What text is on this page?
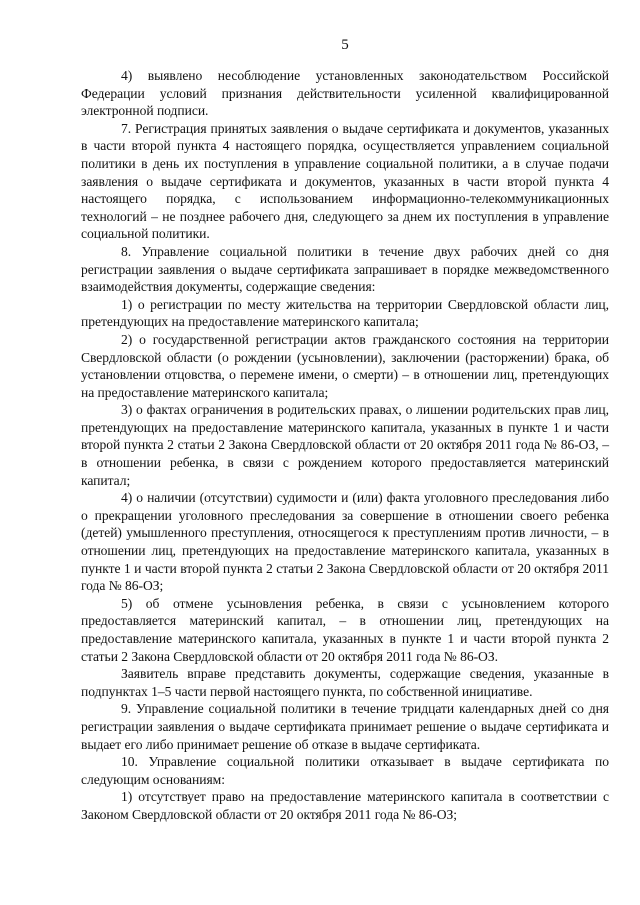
5

4) выявлено несоблюдение установленных законодательством Российской Федерации условий признания действительности усиленной квалифицированной электронной подписи.

7. Регистрация принятых заявления о выдаче сертификата и документов, указанных в части второй пункта 4 настоящего порядка, осуществляется управлением социальной политики в день их поступления в управление социальной политики, а в случае подачи заявления о выдаче сертификата и документов, указанных в части второй пункта 4 настоящего порядка, с использованием информационно-телекоммуникационных технологий – не позднее рабочего дня, следующего за днем их поступления в управление социальной политики.

8. Управление социальной политики в течение двух рабочих дней со дня регистрации заявления о выдаче сертификата запрашивает в порядке межведомственного взаимодействия документы, содержащие сведения:

1) о регистрации по месту жительства на территории Свердловской области лиц, претендующих на предоставление материнского капитала;

2) о государственной регистрации актов гражданского состояния на территории Свердловской области (о рождении (усыновлении), заключении (расторжении) брака, об установлении отцовства, о перемене имени, о смерти) – в отношении лиц, претендующих на предоставление материнского капитала;

3) о фактах ограничения в родительских правах, о лишении родительских прав лиц, претендующих на предоставление материнского капитала, указанных в пункте 1 и части второй пункта 2 статьи 2 Закона Свердловской области от 20 октября 2011 года № 86-ОЗ, – в отношении ребенка, в связи с рождением которого предоставляется материнский капитал;

4) о наличии (отсутствии) судимости и (или) факта уголовного преследования либо о прекращении уголовного преследования за совершение в отношении своего ребенка (детей) умышленного преступления, относящегося к преступлениям против личности, – в отношении лиц, претендующих на предоставление материнского капитала, указанных в пункте 1 и части второй пункта 2 статьи 2 Закона Свердловской области от 20 октября 2011 года № 86-ОЗ;

5) об отмене усыновления ребенка, в связи с усыновлением которого предоставляется материнский капитал, – в отношении лиц, претендующих на предоставление материнского капитала, указанных в пункте 1 и части второй пункта 2 статьи 2 Закона Свердловской области от 20 октября 2011 года № 86-ОЗ.

Заявитель вправе представить документы, содержащие сведения, указанные в подпунктах 1–5 части первой настоящего пункта, по собственной инициативе.

9. Управление социальной политики в течение тридцати календарных дней со дня регистрации заявления о выдаче сертификата принимает решение о выдаче сертификата и выдает его либо принимает решение об отказе в выдаче сертификата.

10. Управление социальной политики отказывает в выдаче сертификата по следующим основаниям:

1) отсутствует право на предоставление материнского капитала в соответствии с Законом Свердловской области от 20 октября 2011 года № 86-ОЗ;
